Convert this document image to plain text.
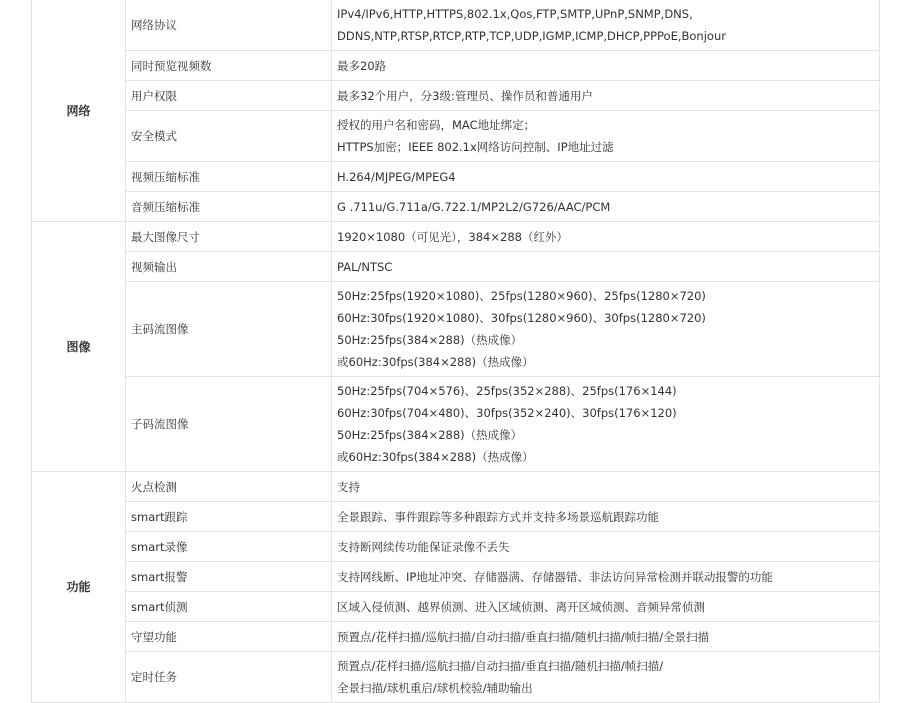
网络	网络协议	IPv4/IPv6,HTTP,HTTPS,802.1x,Qos,FTP,SMTP,UPnP,SNMP,DNS,
DDNS,NTP,RTSP,RTCP,RTP,TCP,UDP,IGMP,ICMP,DHCP,PPPoE,Bonjour

	同时预览视频数	最多20路

	用户权限	最多32个用户，分3级:管理员、操作员和普通用户

	安全模式	授权的用户名和密码，MAC地址绑定；
HTTPS加密；IEEE 802.1x网络访问控制、IP地址过滤

	视频压缩标准	H.264/MJPEG/MPEG4

	音频压缩标准	G .711u/G.711a/G.722.1/MP2L2/G726/AAC/PCM

图像	最大图像尺寸	1920×1080（可见光），384×288（红外）

	视频输出	PAL/NTSC

	主码流图像	50Hz:25fps(1920×1080)、25fps(1280×960)、25fps(1280×720)
60Hz:30fps(1920×1080)、30fps(1280×960)、30fps(1280×720)
50Hz:25fps(384×288)（热成像）
或60Hz:30fps(384×288)（热成像）

	子码流图像	50Hz:25fps(704×576)、25fps(352×288)、25fps(176×144)
60Hz:30fps(704×480)、30fps(352×240)、30fps(176×120)
50Hz:25fps(384×288)（热成像）
或60Hz:30fps(384×288)（热成像）

功能	火点检测	支持

	smart跟踪	全景跟踪、事件跟踪等多种跟踪方式并支持多场景巡航跟踪功能

	smart录像	支持断网续传功能保证录像不丢失

	smart报警	支持网线断、IP地址冲突、存储器满、存储器错、非法访问异常检测并联动报警的功能

	smart侦测	区域入侵侦测、越界侦测、进入区域侦测、离开区域侦测、音频异常侦测

	守望功能	预置点/花样扫描/巡航扫描/自动扫描/垂直扫描/随机扫描/帧扫描/全景扫描

	定时任务	预置点/花样扫描/巡航扫描/自动扫描/垂直扫描/随机扫描/帧扫描/
全景扫描/球机重启/球机校验/辅助输出
